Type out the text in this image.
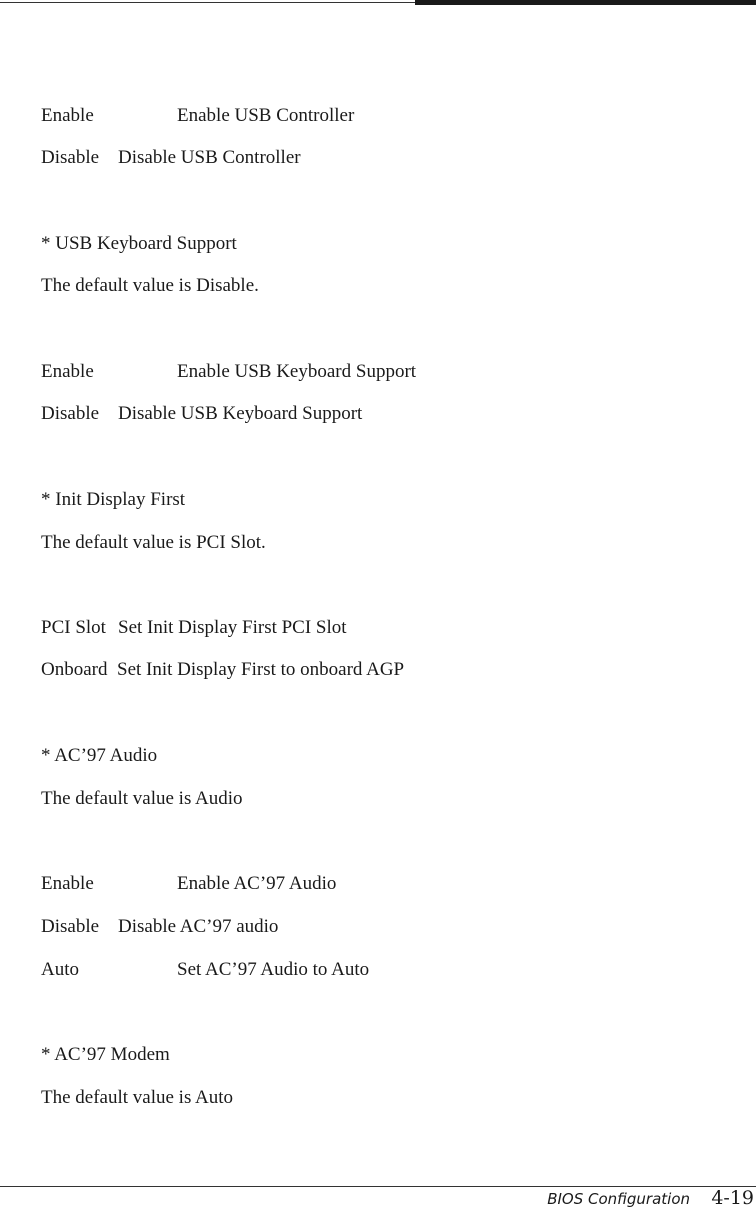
Enable	Enable USB Controller
Disable Disable USB Controller
* USB Keyboard Support
The default value is Disable.
Enable	Enable USB Keyboard Support
Disable Disable USB Keyboard Support
* Init Display First
The default value is PCI Slot.
PCI Slot Set Init Display First PCI Slot
Onboard Set Init Display First to onboard AGP
* AC’97 Audio
The default value is Audio
Enable	Enable AC’97 Audio
Disable Disable AC’97 audio
Auto	Set AC’97 Audio to Auto
* AC’97 Modem
The default value is Auto
BIOS Configuration 4-19
